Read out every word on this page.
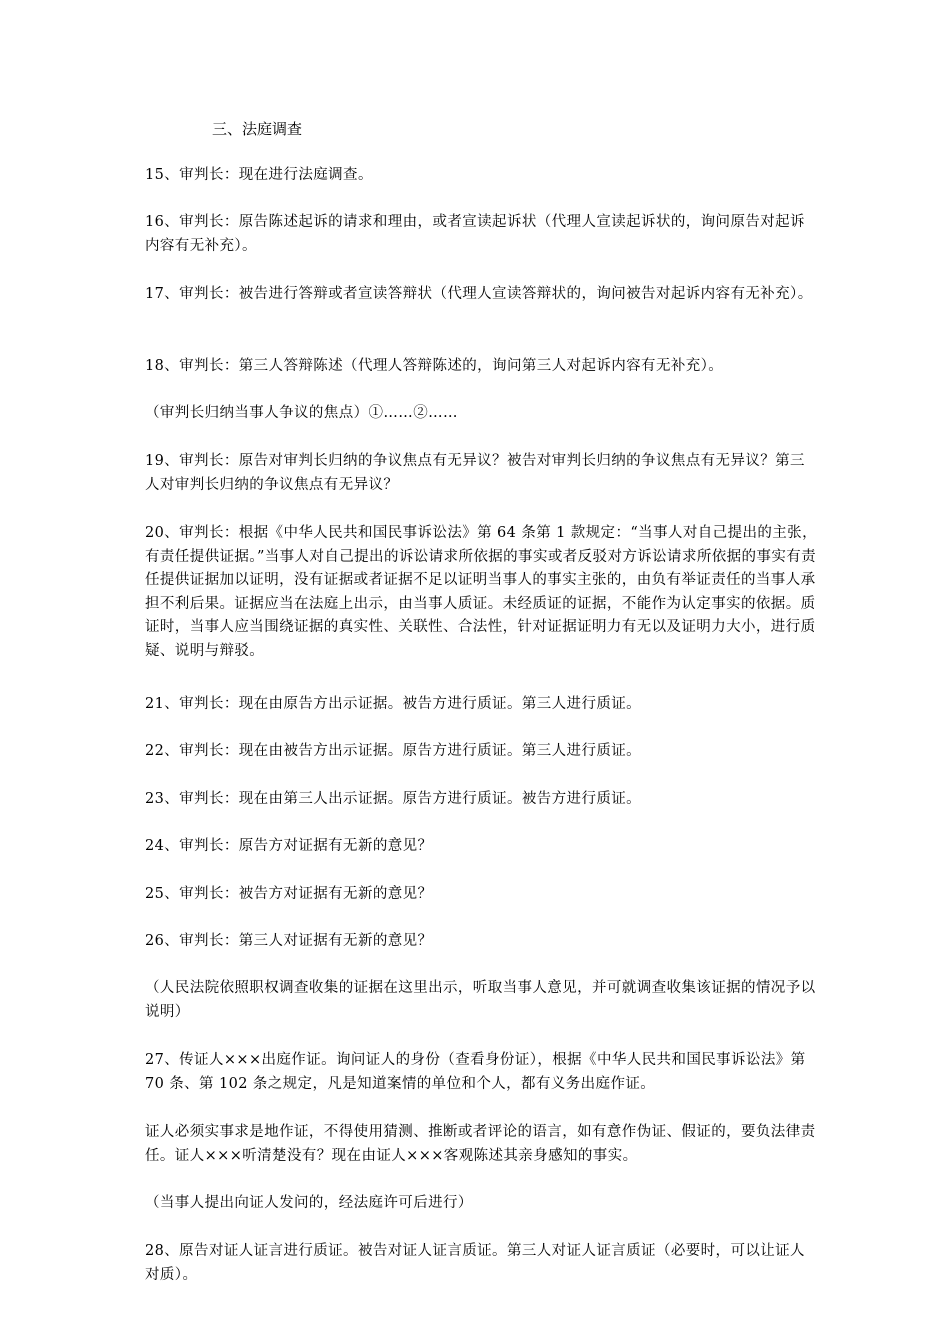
三、法庭调查
15、审判长：现在进行法庭调查。
16、审判长：原告陈述起诉的请求和理由，或者宣读起诉状（代理人宣读起诉状的，询问原告对起诉内容有无补充）。
17、审判长：被告进行答辩或者宣读答辩状（代理人宣读答辩状的，询问被告对起诉内容有无补充）。
18、审判长：第三人答辩陈述（代理人答辩陈述的，询问第三人对起诉内容有无补充）。
（审判长归纳当事人争议的焦点）①……②……
19、审判长：原告对审判长归纳的争议焦点有无异议？被告对审判长归纳的争议焦点有无异议？第三人对审判长归纳的争议焦点有无异议？
20、审判长：根据《中华人民共和国民事诉讼法》第 64 条第 1 款规定：“当事人对自己提出的主张，有责任提供证据。”当事人对自己提出的诉讼请求所依据的事实或者反驳对方诉讼请求所依据的事实有责任提供证据加以证明，没有证据或者证据不足以证明当事人的事实主张的，由负有举证责任的当事人承担不利后果。证据应当在法庭上出示，由当事人质证。未经质证的证据，不能作为认定事实的依据。质证时，当事人应当围绕证据的真实性、关联性、合法性，针对证据证明力有无以及证明力大小，进行质疑、说明与辩驳。
21、审判长：现在由原告方出示证据。被告方进行质证。第三人进行质证。
22、审判长：现在由被告方出示证据。原告方进行质证。第三人进行质证。
23、审判长：现在由第三人出示证据。原告方进行质证。被告方进行质证。
24、审判长：原告方对证据有无新的意见？
25、审判长：被告方对证据有无新的意见？
26、审判长：第三人对证据有无新的意见？
（人民法院依照职权调查收集的证据在这里出示，听取当事人意见，并可就调查收集该证据的情况予以说明）
27、传证人×××出庭作证。询问证人的身份（查看身份证），根据《中华人民共和国民事诉讼法》第 70 条、第 102 条之规定，凡是知道案情的单位和个人，都有义务出庭作证。
证人必须实事求是地作证，不得使用猜测、推断或者评论的语言，如有意作伪证、假证的，要负法律责任。证人×××听清楚没有？现在由证人×××客观陈述其亲身感知的事实。
（当事人提出向证人发问的，经法庭许可后进行）
28、原告对证人证言进行质证。被告对证人证言质证。第三人对证人证言质证（必要时，可以让证人对质）。
